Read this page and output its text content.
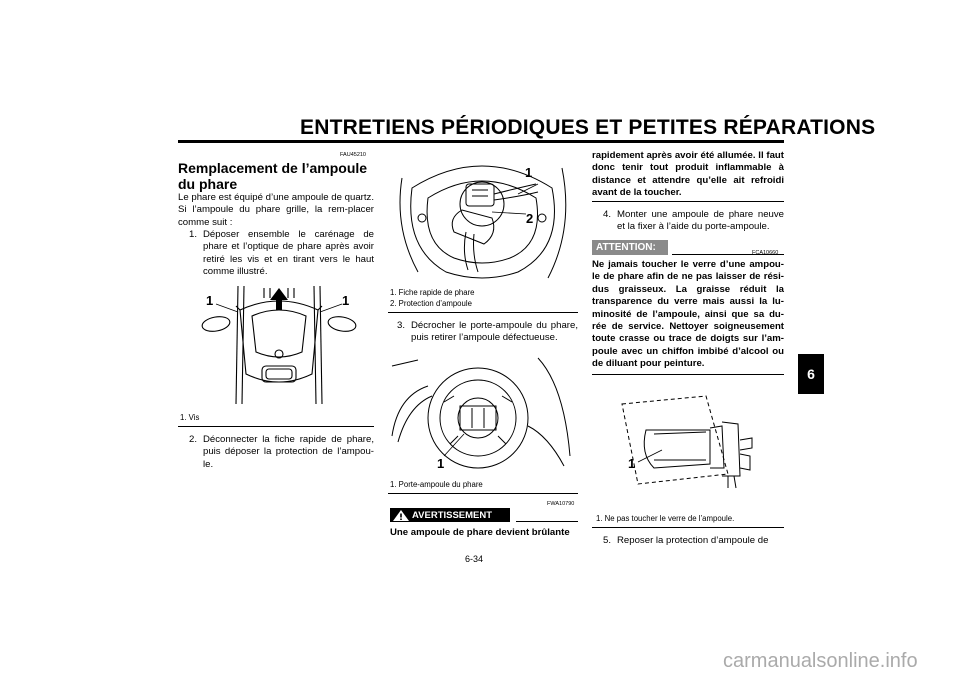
ENTRETIENS PÉRIODIQUES ET PETITES RÉPARATIONS
6
FAU45210
Remplacement de l’ampoule du phare
Le phare est équipé d’une ampoule de quartz. Si l’ampoule du phare grille, la rem-placer comme suit :
1. Déposer ensemble le carénage de phare et l’optique de phare après avoir retiré les vis et en tirant vers le haut comme illustré.
1	1
1. Vis
2. Déconnecter la fiche rapide de phare, puis déposer la protection de l’ampou-le.
1
2
1. Fiche rapide de phare
2. Protection d’ampoule
3. Décrocher le porte-ampoule du phare, puis retirer l’ampoule défectueuse.
1
1. Porte-ampoule du phare
FWA10790
AVERTISSEMENT
Une ampoule de phare devient brûlante
rapidement après avoir été allumée. Il faut donc tenir tout produit inflammable à distance et attendre qu’elle ait refroidi avant de la toucher.
4. Monter une ampoule de phare neuve et la fixer à l’aide du porte-ampoule.
ATTENTION:	FCA10660
Ne jamais toucher le verre d’une ampou-le de phare afin de ne pas laisser de rési-dus graisseux. La graisse réduit la transparence du verre mais aussi la lu-minosité de l’ampoule, ainsi que sa du-rée de service. Nettoyer soigneusement toute crasse ou trace de doigts sur l’am-poule avec un chiffon imbibé d’alcool ou de diluant pour peinture.
1
1. Ne pas toucher le verre de l’ampoule.
5. Reposer la protection d’ampoule de
6-34
carmanualsonline.info
